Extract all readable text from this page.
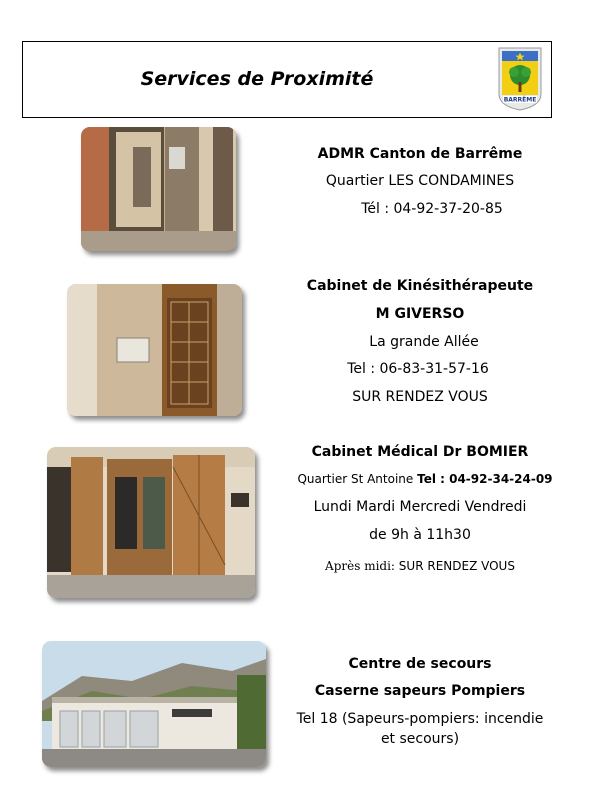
Services de Proximité
BARRÊME
ADMR Canton de Barrême
Quartier LES CONDAMINES
Tél : 04-92-37-20-85
Cabinet de Kinésithérapeute
M GIVERSO
La grande Allée
Tel : 06-83-31-57-16
SUR RENDEZ VOUS
Cabinet Médical Dr BOMIER
Quartier St Antoine Tel : 04-92-34-24-09
Lundi Mardi Mercredi Vendredi
de 9h à 11h30
Après midi: SUR RENDEZ VOUS
Centre de secours
Caserne sapeurs Pompiers
Tel 18 (Sapeurs-pompiers: incendie
et secours)
